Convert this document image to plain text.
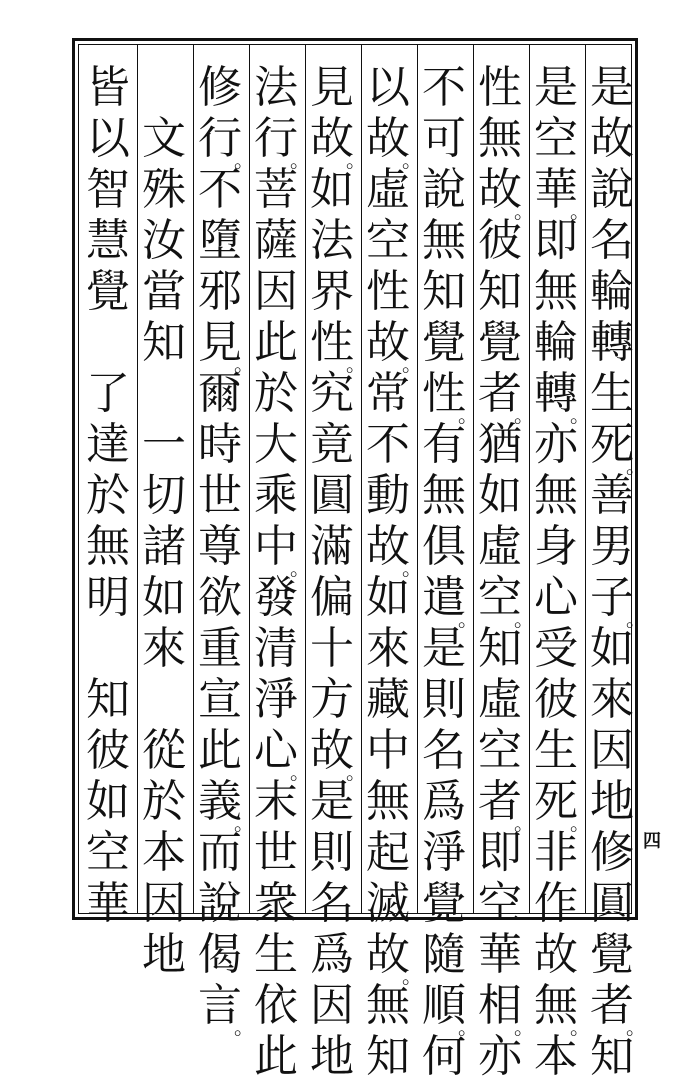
是
故
說
名
輪
轉
生
死
。
善
男
子
。
如
來
因
地
修
圓
覺
者
。
知
是
空
華
。
即
無
輪
轉
。
亦
無
身
心
受
彼
生
死
。
非
作
故
無
。
本
性
無
故
。
彼
知
覺
者
。
猶
如
虛
空
。
知
虛
空
者
。
即
空
華
相
。
亦
不
可
說
無
知
覺
性
。
有
無
俱
遣
。
是
則
名
爲
淨
覺
隨
順
。
何
以
故
。
虛
空
性
故
。
常
不
動
故
。
如
來
藏
中
無
起
滅
故
。
無
知
見
故
。
如
法
界
性
。
究
竟
圓
滿
偏
十
方
故
。
是
則
名
爲
因
地
法
行
。
菩
薩
因
此
於
大
乘
中
。
發
清
淨
心
。
末
世
衆
生
依
此
修
行
。
不
墮
邪
見
。
爾
時
世
尊
欲
重
宣
此
義
。
而
說
偈
言
。
文
殊
汝
當
知
一
切
諸
如
來
從
於
本
因
地
皆
以
智
慧
覺
了
達
於
無
明
知
彼
如
空
華
四
